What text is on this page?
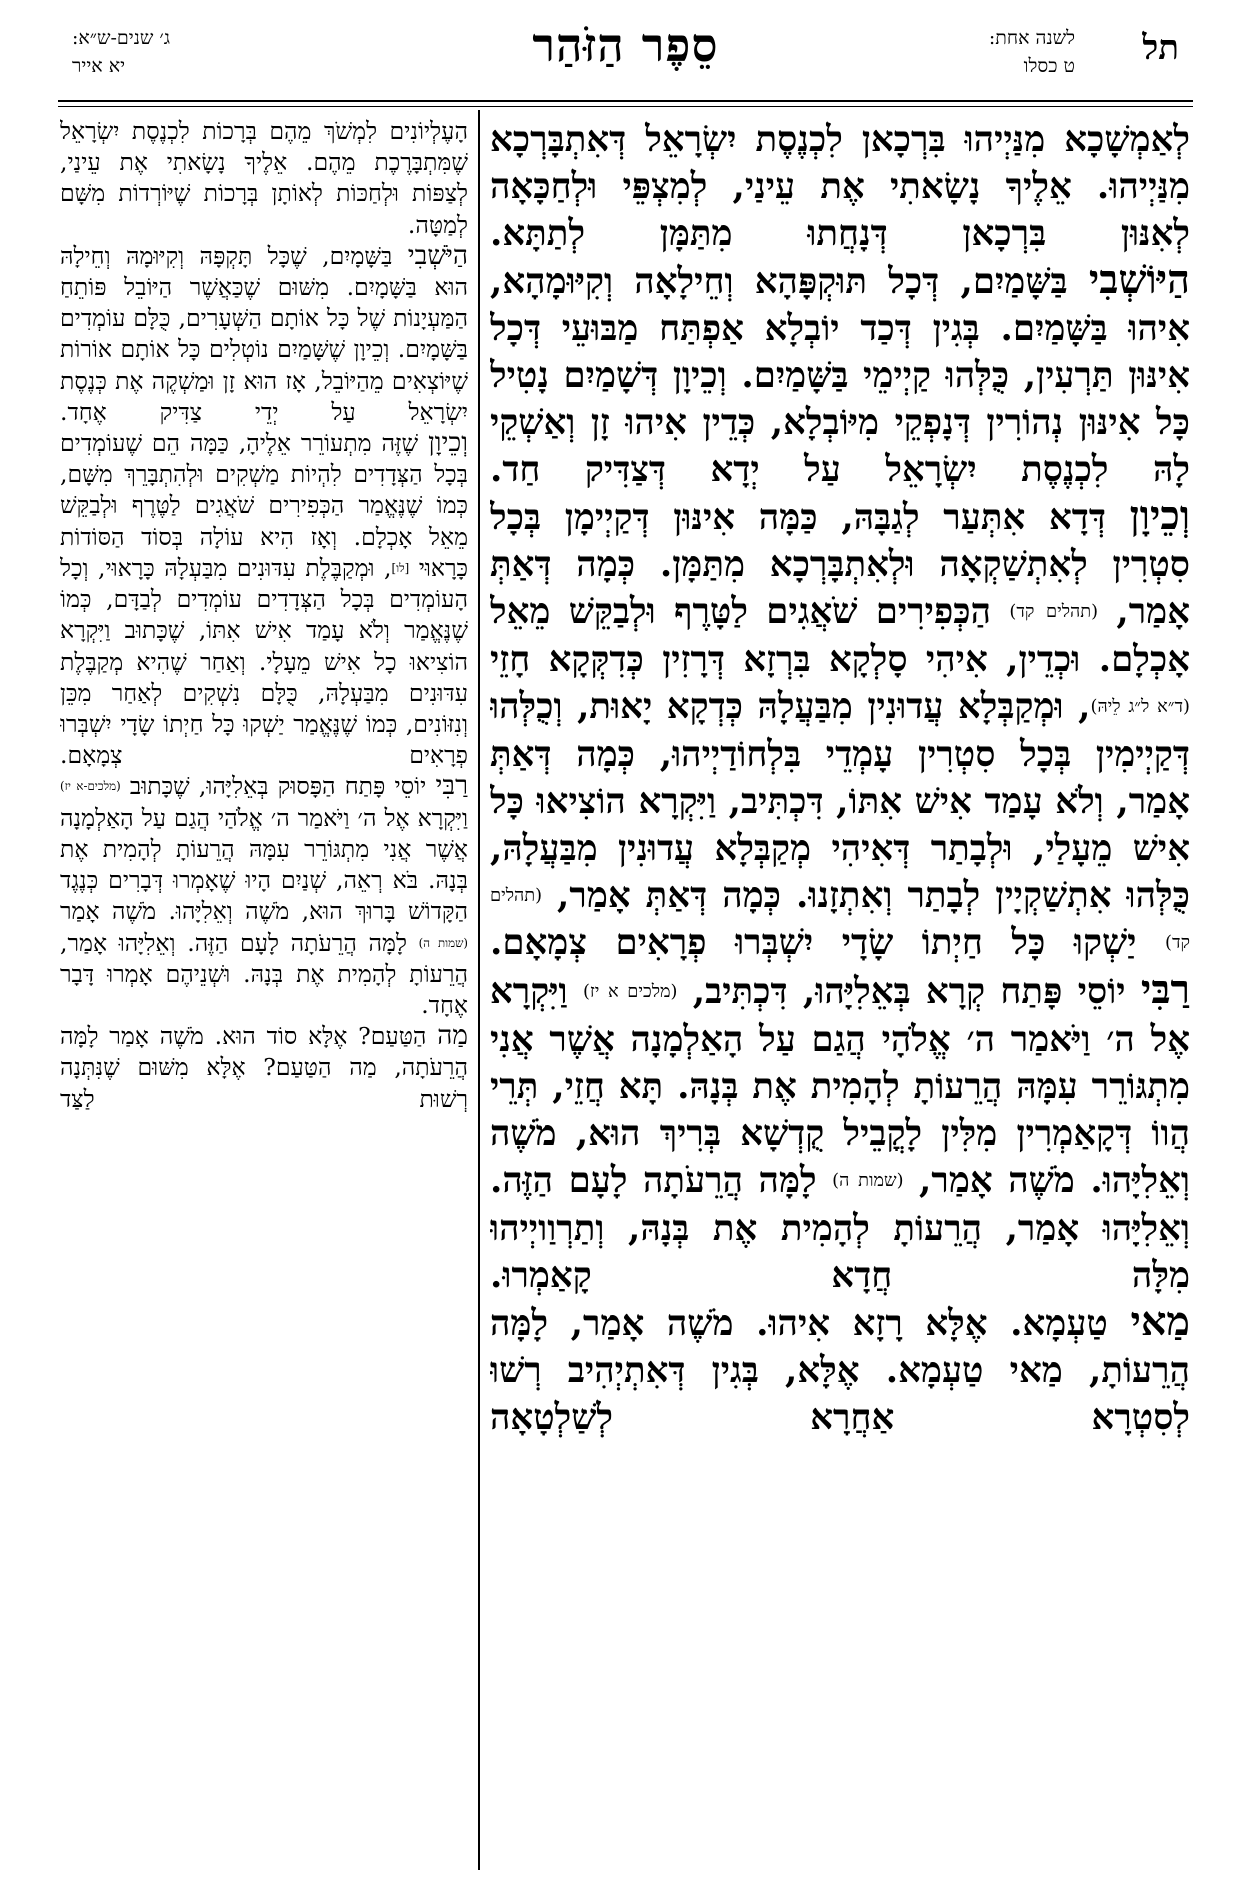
תל
לשנה אחת:
ט כסלו
סֵפֶר הַזֹּהַר
ג׳ שנים-ש״א:
יא אייר

לְאַמְשָׁכָא מִנַּיְיהוּ בִּרְכָאן לִכְנֶסֶת יִשְׂרָאֵל דְּאִתְבָּרְכָא מִנַּיְיהוּ. אֵלֶיךָ נָשָׂאתִי אֶת עֵינַי, לְמִצְפֵּי וּלְחַכָּאָה לְאִנּוּן בִּרְכָאן דְּנָחֲתוּ מִתַּמָּן לְתַתָּא.

הַיּוֹשְׁבִי בַּשָּׁמַיִם, דְּכָל תּוּקְפָּהָא וְחֵילָאָה וְקִיּוּמָהָא, אִיהוּ בַּשָּׁמַיִם. בְּגִין דְּכַד יוֹבְלָא אַפְתַּח מַבּוּעֵי דְּכָל אִינּוּן תַּרְעִין, כֻּלְּהוּ קַיְימֵי בַּשָּׁמַיִם. וְכֵיוָן דְּשָׁמַיִם נָטִיל כָּל אִינּוּן נְהוֹרִין דְּנָפְקֵי מִיּוֹבְלָא, כְּדֵין אִיהוּ זָן וְאַשְׁקֵי לָהּ לִכְנֶסֶת יִשְׂרָאֵל עַל יְדָא דְּצַדִּיק חַד.

וְכֵיוָן דְּדָא אִתְּעַר לְגַבָּהּ, כַּמָּה אִינּוּן דְּקַיְימָן בְּכָל סִטְרִין לְאִתְשַׁקְאָה וּלְאִתְבָּרְכָא מִתַּמָּן. כְּמָה דְּאַתְּ אָמַר, (תהלים קד) הַכְּפִירִים שֹׁאֲגִים לַטָּרֶף וּלְבַקֵּשׁ מֵאֵל אָכְלָם. וּכְדֵין, אִיהִי סָלְקָא בִּרְזָא דְּרָזִין כְּדִקְּקָא חָזֵי (ד״א ל״ג לֵיהּ), וּמְקַבְּלָא עֲדוּנִין מִבַּעֲלָהּ כְּדְקָא יָאוּת, וְכֻלְּהוּ דְּקַיְימִין בְּכָל סִטְרִין עָמְדֵי בִּלְחוֹדַיְיהוּ, כְּמָה דְּאַתְּ אָמַר, וְלֹא עָמַד אִישׁ אִתּוֹ, דִּכְתִּיב, וַיִּקְרָא הוֹצִיאוּ כָּל אִישׁ מֵעָלַי, וּלְבָתַר דְּאִיהִי מְקַבְּלָא עֲדוּנִין מִבַּעֲלָהּ, כֻּלְּהוּ אִתְשַׁקְיָין לְבָתַר וְאִתְזָנוּ. כְּמָה דְּאַתְּ אָמַר, (תהלים קד) יַשְׁקוּ כָּל חַיְתוֹ שָׂדָי יִשְׁבְּרוּ פְרָאִים צְמָאָם.

רַבִּי יוֹסֵי פָּתַח קְרָא בְּאֵלִיָּהוּ, דִּכְתִּיב, (מלכים א יז) וַיִּקְרָא אֶל ה׳ וַיֹּאמַר ה׳ אֱלֹהָי הֲגַם עַל הָאַלְמָנָה אֲשֶׁר אֲנִי מִתְגּוֹרֵר עִמָּהּ הֲרֵעוֹתָ לְהָמִית אֶת בְּנָהּ. תָּא חֲזֵי, תְּרֵי הֲווֹ דְּקָאַמְרִין מִלִּין לָקֳבֵיל קֻדְשָׁא בְּרִיךְ הוּא, מֹשֶׁה וְאֵלִיָּהוּ. מֹשֶׁה אָמַר, (שמות ה) לָמָּה הֲרֵעֹתָה לָעָם הַזֶּה. וְאֵלִיָּהוּ אָמַר, הֲרֵעוֹתָ לְהָמִית אֶת בְּנָהּ, וְתַרְוַויְיהוּ מִלָּה חֲדָא קָאַמְרוּ.

מַאי טַעְמָא. אֶלָּא רָזָא אִיהוּ. מֹשֶׁה אָמַר, לָמָּה הֲרֵעוֹתָ, מַאי טַעְמָא. אֶלָּא, בְּגִין דְּאִתְיְהִיב רְשׁוּ לְסִטְרָא אַחֲרָא לְשַׁלְטָאָה

הָעֶלְיוֹנִים לִמְשֹׁךְ מֵהֶם בְּרָכוֹת לִכְנֶסֶת יִשְׂרָאֵל שֶׁמִּתְבָּרֶכֶת מֵהֶם. אֵלֶיךָ נָשָׂאתִי אֶת עֵינַי, לְצַפּוֹת וּלְחַכּוֹת לְאוֹתָן בְּרָכוֹת שֶׁיּוֹרְדוֹת מִשָּׁם לְמַטָּה.

הַיֹּשְׁבִי בַּשָּׁמָיִם, שֶׁכָּל תָּקְפָּהּ וְקִיּוּמָהּ וְחֵילָהּ הוּא בַּשָּׁמָיִם. מִשּׁוּם שֶׁכַּאֲשֶׁר הַיּוֹבֵל פּוֹתֵחַ הַמַּעְיָנוֹת שֶׁל כָּל אוֹתָם הַשְּׁעָרִים, כֻּלָּם עוֹמְדִים בַּשָּׁמָיִם. וְכֵיוָן שֶׁשָּׁמַיִם נוֹטְלִים כָּל אוֹתָם אוֹרוֹת שֶׁיּוֹצְאִים מֵהַיּוֹבֵל, אָז הוּא זָן וּמַשְׁקֶה אֶת כְּנֶסֶת יִשְׂרָאֵל עַל יְדֵי צַדִּיק אֶחָד.

וְכֵיוָן שֶׁזֶּה מִתְעוֹרֵר אֵלֶיהָ, כַּמָּה הֵם שֶׁעוֹמְדִים בְּכָל הַצְּדָדִים לִהְיוֹת מַשְׁקִים וּלְהִתְבָּרֵךְ מִשָּׁם, כְּמוֹ שֶׁנֶּאֱמַר הַכְּפִירִים שֹׁאֲגִים לַטֶּרֶף וּלְבַקֵּשׁ מֵאֵל אָכְלָם. וְאָז הִיא עוֹלָה בְּסוֹד הַסּוֹדוֹת כָּרָאוּי [לו], וּמְקַבֶּלֶת עִדּוּנִים מִבַּעְלָהּ כָּרָאוּי, וְכָל הָעוֹמְדִים בְּכָל הַצְּדָדִים עוֹמְדִים לְבַדָּם, כְּמוֹ שֶׁנֶּאֱמַר וְלֹא עָמַד אִישׁ אִתּוֹ, שֶׁכָּתוּב וַיִּקְרָא הוֹצִיאוּ כָל אִישׁ מֵעָלָי. וְאַחַר שֶׁהִיא מְקַבֶּלֶת עִדּוּנִים מִבַּעְלָהּ, כֻּלָּם נִשְׁקִים לְאַחַר מִכֵּן וְנִזּוֹנִים, כְּמוֹ שֶׁנֶּאֱמַר יַשְׁקוּ כָּל חַיְתוֹ שָׂדָי יִשְׁבְּרוּ פְרָאִים צְמָאָם.

רַבִּי יוֹסֵי פָּתַח הַפָּסוּק בְּאֵלִיָּהוּ, שֶׁכָּתוּב (מלכים-א יז) וַיִּקְרָא אֶל ה׳ וַיֹּאמַר ה׳ אֱלֹהַי הֲגַם עַל הָאַלְמָנָה אֲשֶׁר אֲנִי מִתְגּוֹרֵר עִמָּהּ הֲרֵעוֹתָ לְהָמִית אֶת בְּנָהּ. בֹּא רְאֵה, שְׁנַיִם הָיוּ שֶׁאָמְרוּ דְּבָרִים כְּנֶגֶד הַקָּדוֹשׁ בָּרוּךְ הוּא, מֹשֶׁה וְאֵלִיָּהוּ. מֹשֶׁה אָמַר (שמות ה) לָמָּה הֲרֵעֹתָה לָעָם הַזֶּה. וְאֵלִיָּהוּ אָמַר, הֲרֵעוֹתָ לְהָמִית אֶת בְּנָהּ. וּשְׁנֵיהֶם אָמְרוּ דָּבָר אֶחָד.

מַה הַטַּעַם? אֶלָּא סוֹד הוּא. מֹשֶׁה אָמַר לָמָּה הֲרֵעֹתָה, מַה הַטַּעַם? אֶלָּא מִשּׁוּם שֶׁנִּתְּנָה רְשׁוּת לַצַּד
